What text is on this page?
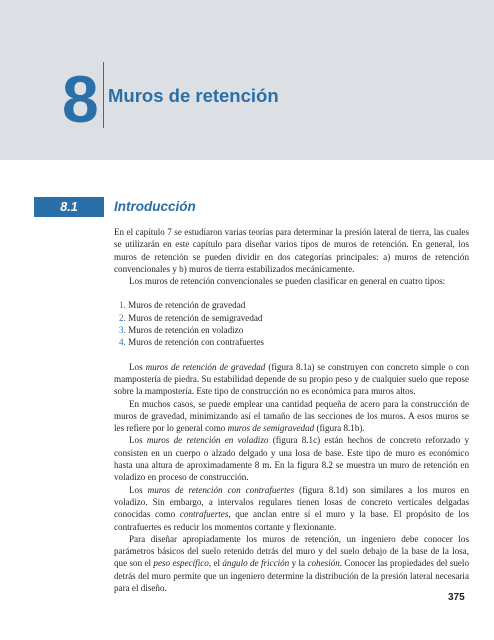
8 Muros de retención
8.1	Introducción

En el capítulo 7 se estudiaron varias teorías para determinar la presión lateral de tierra, las cuales se utilizarán en este capítulo para diseñar varios tipos de muros de retención. En general, los muros de retención se pueden dividir en dos categorías principales: a) muros de retención convencionales y b) muros de tierra estabilizados mecánicamente.

Los muros de retención convencionales se pueden clasificar en general en cuatro tipos:

1. Muros de retención de gravedad
2. Muros de retención de semigravedad
3. Muros de retención en voladizo
4. Muros de retención con contrafuertes

Los muros de retención de gravedad (figura 8.1a) se construyen con concreto simple o con mampostería de piedra. Su estabilidad depende de su propio peso y de cualquier suelo que repose sobre la mampostería. Este tipo de construcción no es económica para muros altos.

En muchos casos, se puede emplear una cantidad pequeña de acero para la construcción de muros de gravedad, minimizando así el tamaño de las secciones de los muros. A esos muros se les refiere por lo general como muros de semigravedad (figura 8.1b).

Los muros de retención en voladizo (figura 8.1c) están hechos de concreto reforzado y consisten en un cuerpo o alzado delgado y una losa de base. Este tipo de muro es económico hasta una altura de aproximadamente 8 m. En la figura 8.2 se muestra un muro de retención en voladizo en proceso de construcción.

Los muros de retención con contrafuertes (figura 8.1d) son similares a los muros en voladizo. Sin embargo, a intervalos regulares tienen losas de concreto verticales delgadas conocidas como contrafuertes, que anclan entre sí el muro y la base. El propósito de los contrafuertes es reducir los momentos cortante y flexionante.

Para diseñar apropiadamente los muros de retención, un ingeniero debe conocer los parámetros básicos del suelo retenido detrás del muro y del suelo debajo de la base de la losa, que son el peso específico, el ángulo de fricción y la cohesión. Conocer las propiedades del suelo detrás del muro permite que un ingeniero determine la distribución de la presión lateral necesaria para el diseño.

375
